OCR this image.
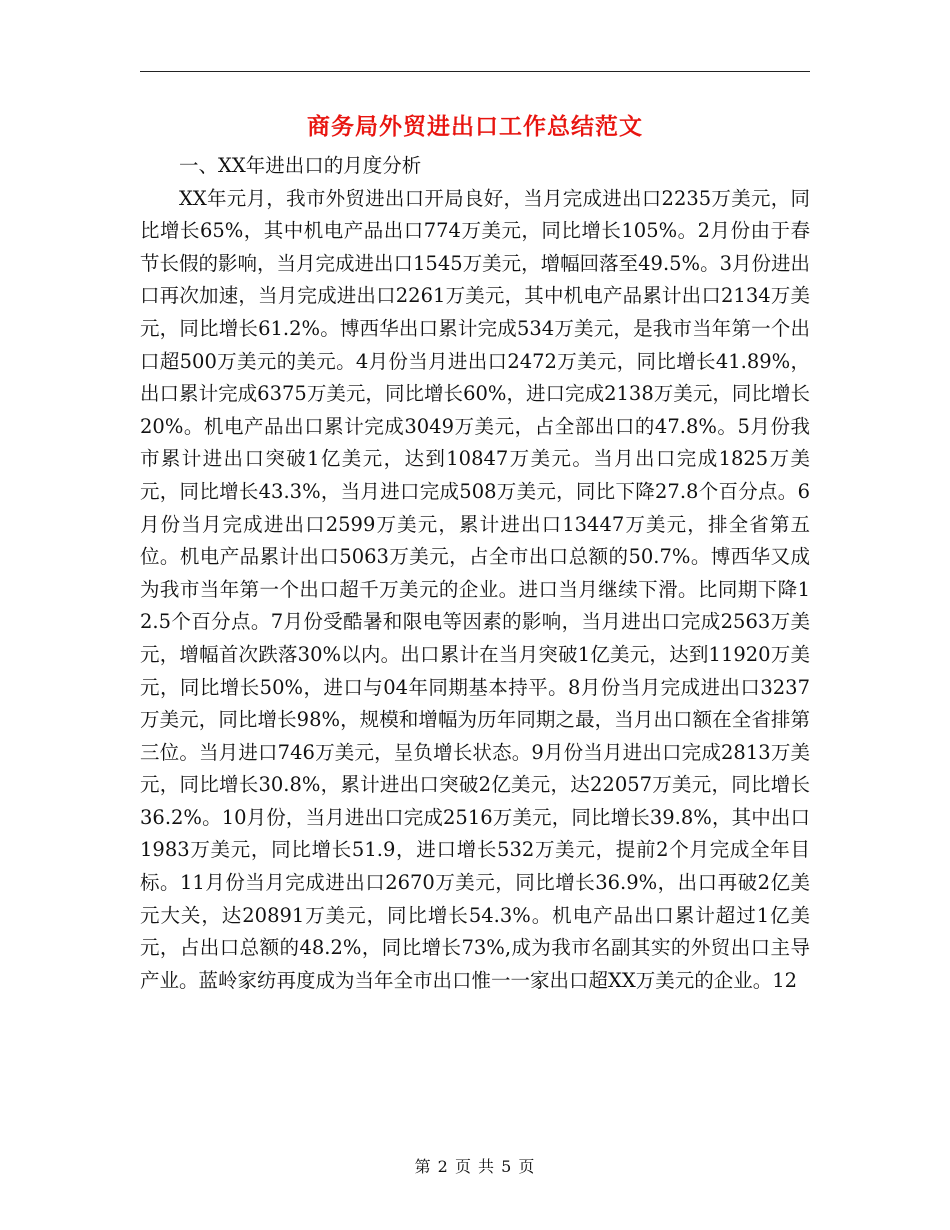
商务局外贸进出口工作总结范文

一、XX年进出口的月度分析

XX年元月，我市外贸进出口开局良好，当月完成进出口2235万美元，同比增长65%，其中机电产品出口774万美元，同比增长105%。2月份由于春节长假的影响，当月完成进出口1545万美元，增幅回落至49.5%。3月份进出口再次加速，当月完成进出口2261万美元，其中机电产品累计出口2134万美元，同比增长61.2%。博西华出口累计完成534万美元，是我市当年第一个出口超500万美元的美元。4月份当月进出口2472万美元，同比增长41.89%，出口累计完成6375万美元，同比增长60%，进口完成2138万美元，同比增长20%。机电产品出口累计完成3049万美元，占全部出口的47.8%。5月份我市累计进出口突破1亿美元，达到10847万美元。当月出口完成1825万美元，同比增长43.3%，当月进口完成508万美元，同比下降27.8个百分点。6月份当月完成进出口2599万美元，累计进出口13447万美元，排全省第五位。机电产品累计出口5063万美元，占全市出口总额的50.7%。博西华又成为我市当年第一个出口超千万美元的企业。进口当月继续下滑。比同期下降12.5个百分点。7月份受酷暑和限电等因素的影响，当月进出口完成2563万美元，增幅首次跌落30%以内。出口累计在当月突破1亿美元，达到11920万美元，同比增长50%，进口与04年同期基本持平。8月份当月完成进出口3237万美元，同比增长98%，规模和增幅为历年同期之最，当月出口额在全省排第三位。当月进口746万美元，呈负增长状态。9月份当月进出口完成2813万美元，同比增长30.8%，累计进出口突破2亿美元，达22057万美元，同比增长36.2%。10月份，当月进出口完成2516万美元，同比增长39.8%，其中出口1983万美元，同比增长51.9，进口增长532万美元，提前2个月完成全年目标。11月份当月完成进出口2670万美元，同比增长36.9%，出口再破2亿美元大关，达20891万美元，同比增长54.3%。机电产品出口累计超过1亿美元，占出口总额的48.2%，同比增长73%,成为我市名副其实的外贸出口主导产业。蓝岭家纺再度成为当年全市出口惟一一家出口超XX万美元的企业。12

第 2 页 共 5 页
